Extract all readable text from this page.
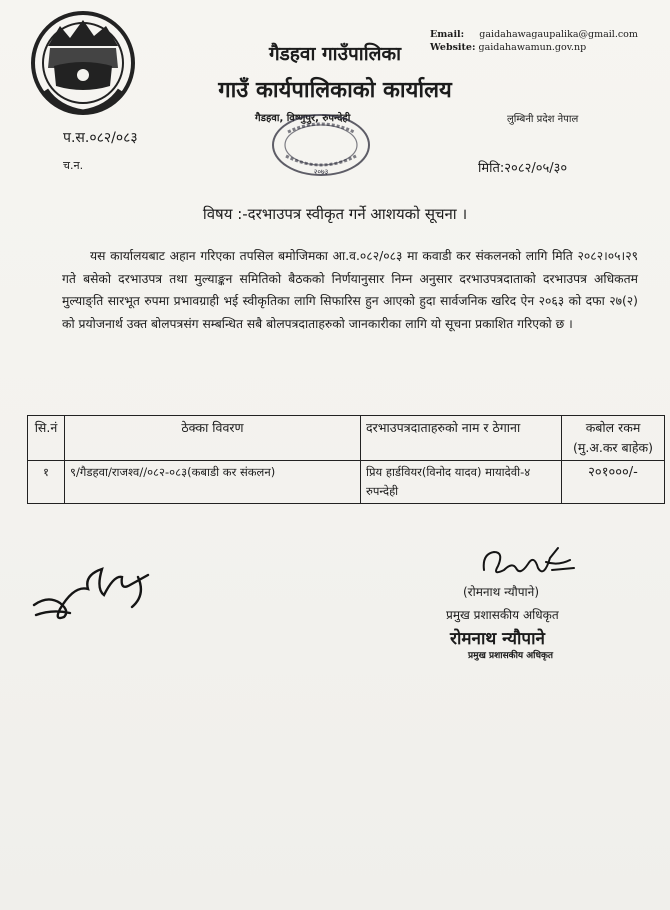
Email: gaidahawagaupalika@gmail.com
Website: gaidahawamun.gov.np
गैडहवा गाउँपालिका
गाउँ कार्यपालिकाको कार्यालय
गैडहवा, विष्णुपुर, रुपन्देही	लुम्बिनी प्रदेश नेपाल
२०७३
प.स.०८२/०८३
च.न.	मिति:२०८२/०५/३०
विषय :-दरभाउपत्र स्वीकृत गर्ने आशयको सूचना ।
यस कार्यालयबाट अहान गरिएका तपसिल बमोजिमका आ.व.०८२/०८३ मा कवाडी कर संकलनको लागि मिति २०८२।०५।२९ गते बसेको दरभाउपत्र तथा मुल्याङ्कन समितिको बैठकको निर्णयानुसार निम्न अनुसार दरभाउपत्रदाताको दरभाउपत्र अधिकतम मुल्याङ्ति सारभूत रुपमा प्रभावग्राही भई स्वीकृतिका लागि सिफारिस हुन आएको हुदा सार्वजनिक खरिद ऐन २०६३ को दफा २७(२) को प्रयोजनार्थ उक्त बोलपत्रसंग सम्बन्धित सबै बोलपत्रदाताहरुको जानकारीका लागि यो सूचना प्रकाशित गरिएको छ ।
सि.नं	ठेक्का विवरण	दरभाउपत्रदाताहरुको नाम र ठेगाना	कबोल रकम (मु.अ.कर बाहेक)
१	९/गैडहवा/राजश्व//०८२-०८३(कबाडी कर संकलन)	प्रिय हार्डवियर(विनोद यादव) मायादेवी-४ रुपन्देही	२०१०००/-
(रोमनाथ न्यौपाने)
प्रमुख प्रशासकीय अधिकृत
रोमनाथ न्यौपाने
प्रमुख प्रशासकीय अधिकृत
